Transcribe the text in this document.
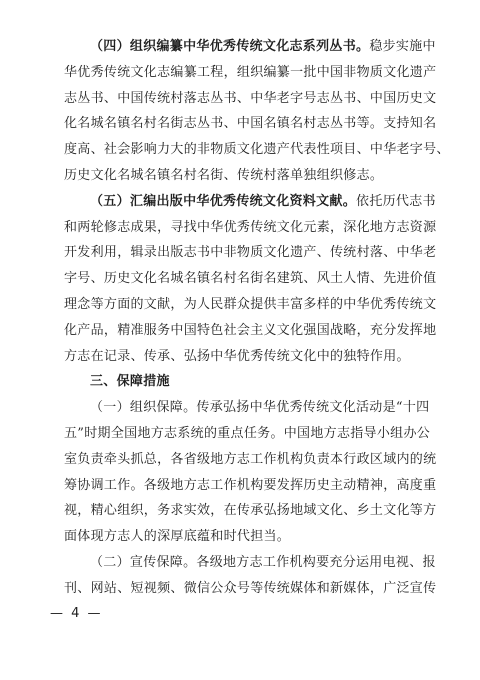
（四）组织编纂中华优秀传统文化志系列丛书。稳步实施中
华优秀传统文化志编纂工程，组织编纂一批中国非物质文化遗产
志丛书、中国传统村落志丛书、中华老字号志丛书、中国历史文
化名城名镇名村名街志丛书、中国名镇名村志丛书等。支持知名
度高、社会影响力大的非物质文化遗产代表性项目、中华老字号、
历史文化名城名镇名村名街、传统村落单独组织修志。
（五）汇编出版中华优秀传统文化资料文献。依托历代志书
和两轮修志成果，寻找中华优秀传统文化元素，深化地方志资源
开发利用，辑录出版志书中非物质文化遗产、传统村落、中华老
字号、历史文化名城名镇名村名街名建筑、风土人情、先进价值
理念等方面的文献，为人民群众提供丰富多样的中华优秀传统文
化产品，精准服务中国特色社会主义文化强国战略，充分发挥地
方志在记录、传承、弘扬中华优秀传统文化中的独特作用。
三、保障措施
（一）组织保障。传承弘扬中华优秀传统文化活动是“十四
五”时期全国地方志系统的重点任务。中国地方志指导小组办公
室负责牵头抓总，各省级地方志工作机构负责本行政区域内的统
筹协调工作。各级地方志工作机构要发挥历史主动精神，高度重
视，精心组织，务求实效，在传承弘扬地域文化、乡土文化等方
面体现方志人的深厚底蕴和时代担当。
（二）宣传保障。各级地方志工作机构要充分运用电视、报
刊、网站、短视频、微信公众号等传统媒体和新媒体，广泛宣传
— 4 —
